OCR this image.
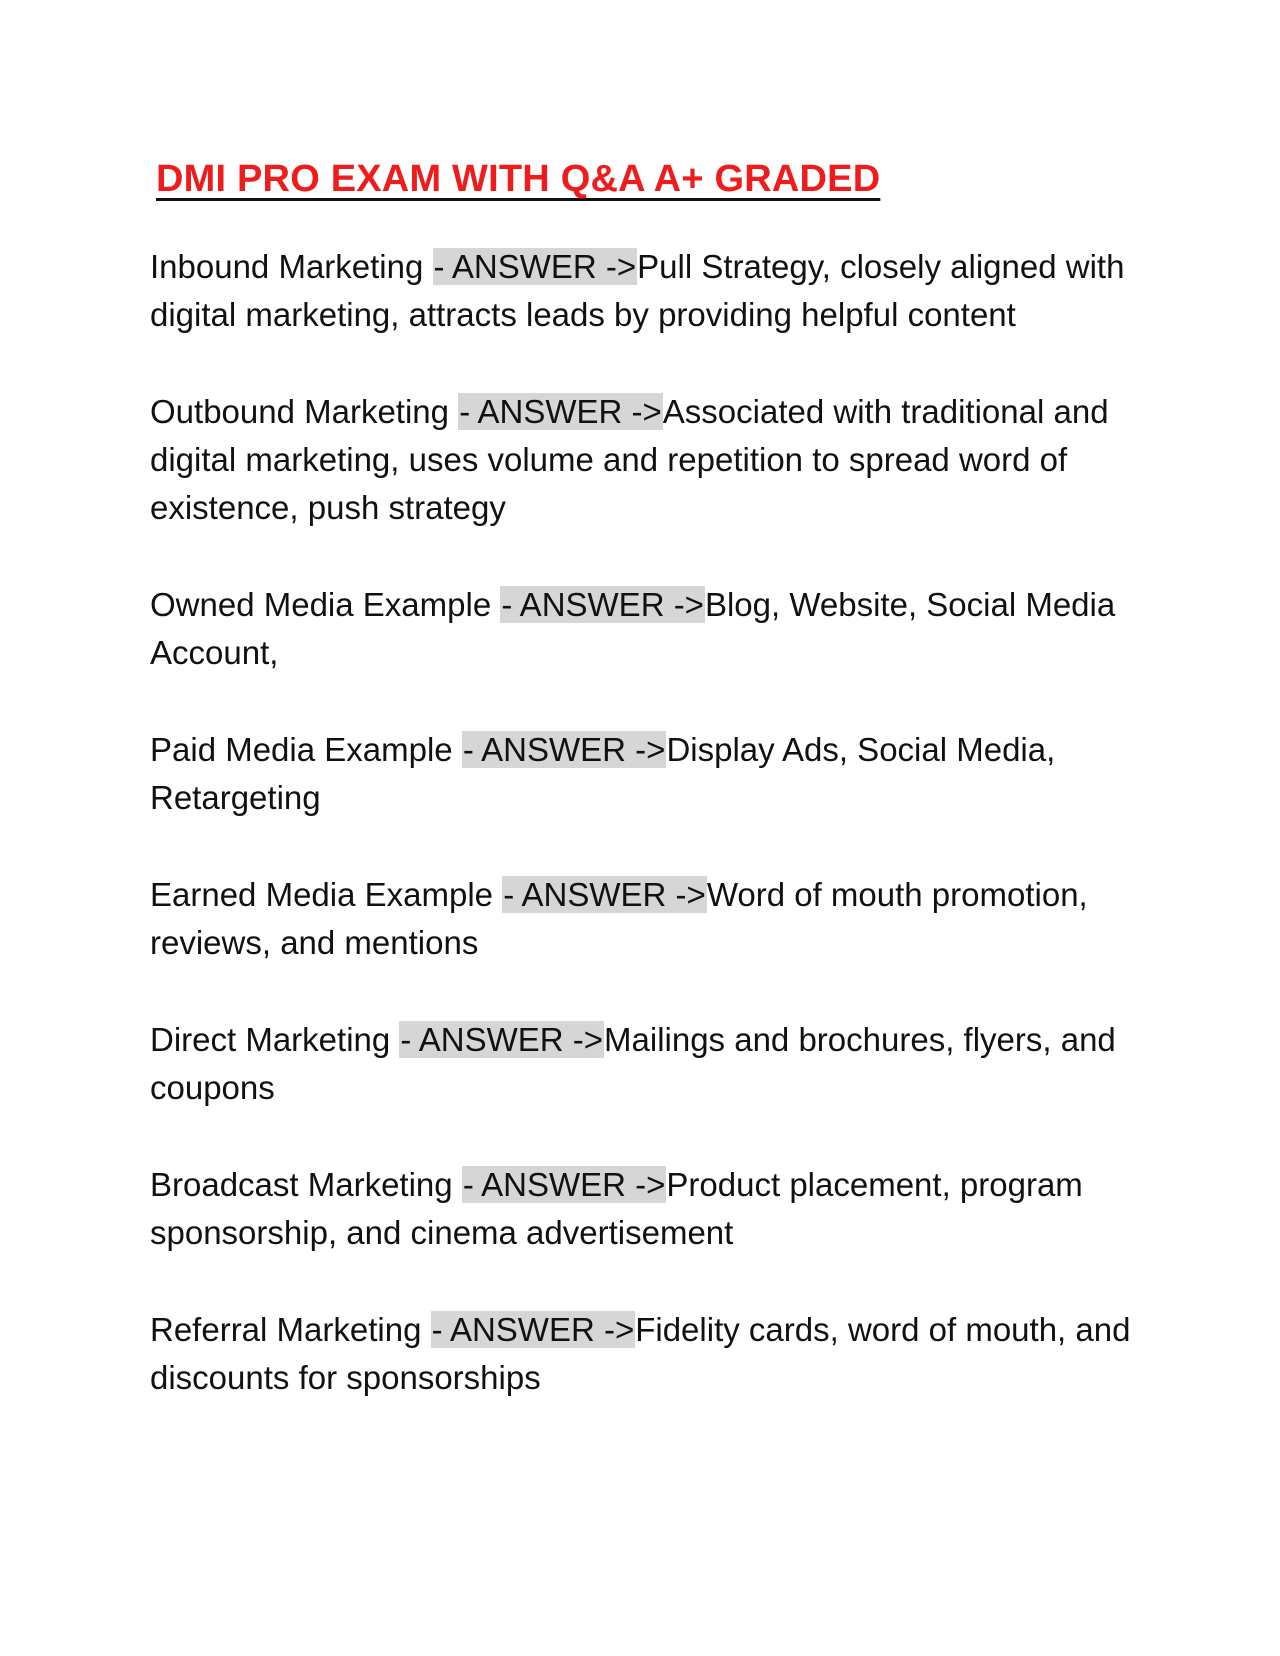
DMI PRO EXAM WITH Q&A A+ GRADED

Inbound Marketing - ANSWER ->Pull Strategy, closely aligned with digital marketing, attracts leads by providing helpful content

Outbound Marketing - ANSWER ->Associated with traditional and digital marketing, uses volume and repetition to spread word of existence, push strategy

Owned Media Example - ANSWER ->Blog, Website, Social Media Account,

Paid Media Example - ANSWER ->Display Ads, Social Media, Retargeting

Earned Media Example - ANSWER ->Word of mouth promotion, reviews, and mentions

Direct Marketing - ANSWER ->Mailings and brochures, flyers, and coupons

Broadcast Marketing - ANSWER ->Product placement, program sponsorship, and cinema advertisement

Referral Marketing - ANSWER ->Fidelity cards, word of mouth, and discounts for sponsorships
